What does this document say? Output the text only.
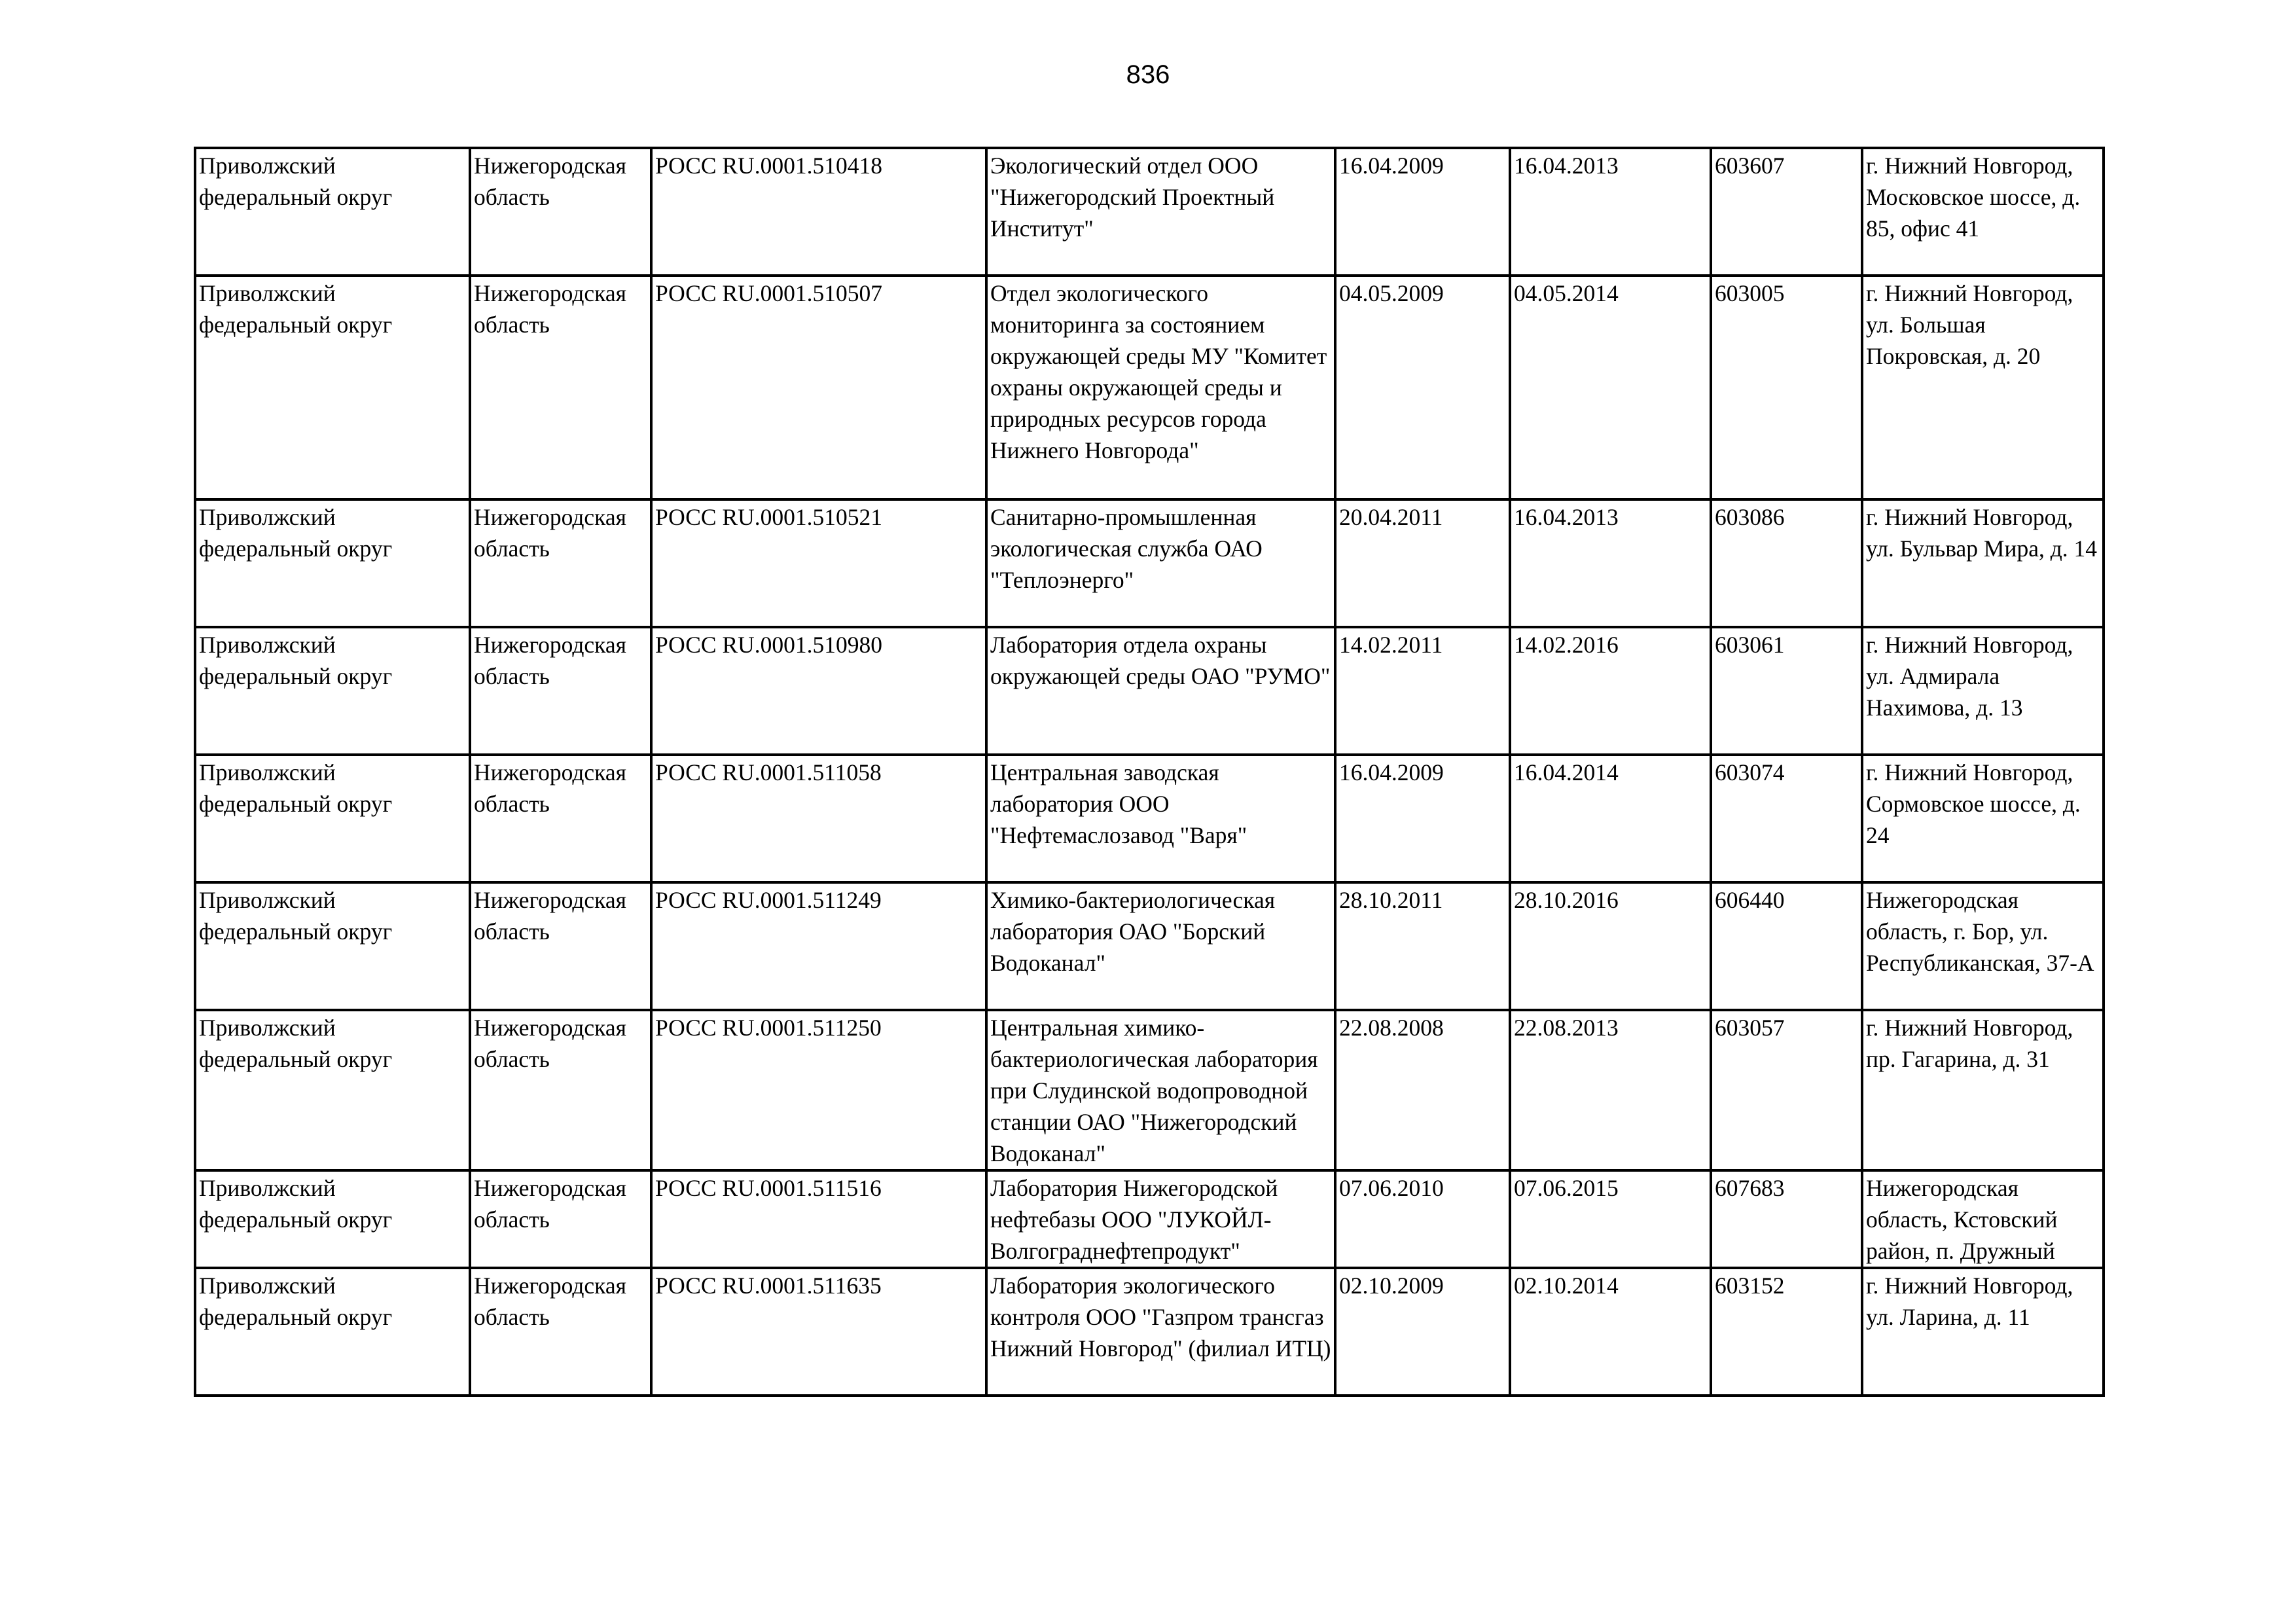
836
Приволжский федеральный округ	Нижегородская область	РОСС RU.0001.510418	Экологический отдел ООО "Нижегородский Проектный Институт"	16.04.2009	16.04.2013	603607	г. Нижний Новгород, Московское шоссе, д. 85, офис 41
Приволжский федеральный округ	Нижегородская область	РОСС RU.0001.510507	Отдел экологического мониторинга за состоянием окружающей среды МУ "Комитет охраны окружающей среды и природных ресурсов города Нижнего Новгорода"	04.05.2009	04.05.2014	603005	г. Нижний Новгород, ул. Большая Покровская, д. 20
Приволжский федеральный округ	Нижегородская область	РОСС RU.0001.510521	Санитарно-промышленная экологическая служба ОАО "Теплоэнерго"	20.04.2011	16.04.2013	603086	г. Нижний Новгород, ул. Бульвар Мира, д. 14
Приволжский федеральный округ	Нижегородская область	РОСС RU.0001.510980	Лаборатория отдела охраны окружающей среды ОАО "РУМО"	14.02.2011	14.02.2016	603061	г. Нижний Новгород, ул. Адмирала Нахимова, д. 13
Приволжский федеральный округ	Нижегородская область	РОСС RU.0001.511058	Центральная заводская лаборатория ООО "Нефтемаслозавод "Варя"	16.04.2009	16.04.2014	603074	г. Нижний Новгород, Сормовское шоссе, д. 24
Приволжский федеральный округ	Нижегородская область	РОСС RU.0001.511249	Химико-бактериологическая лаборатория ОАО "Борский Водоканал"	28.10.2011	28.10.2016	606440	Нижегородская область, г. Бор, ул. Республиканская, 37-А
Приволжский федеральный округ	Нижегородская область	РОСС RU.0001.511250	Центральная химико-бактериологическая лаборатория при Слудинской водопроводной станции ОАО "Нижегородский Водоканал"	22.08.2008	22.08.2013	603057	г. Нижний Новгород, пр. Гагарина, д. 31
Приволжский федеральный округ	Нижегородская область	РОСС RU.0001.511516	Лаборатория Нижегородской нефтебазы ООО "ЛУКОЙЛ-Волгограднефтепродукт"	07.06.2010	07.06.2015	607683	Нижегородская область, Кстовский район, п. Дружный
Приволжский федеральный округ	Нижегородская область	РОСС RU.0001.511635	Лаборатория экологического контроля ООО "Газпром трансгаз Нижний Новгород" (филиал ИТЦ)	02.10.2009	02.10.2014	603152	г. Нижний Новгород, ул. Ларина, д. 11
